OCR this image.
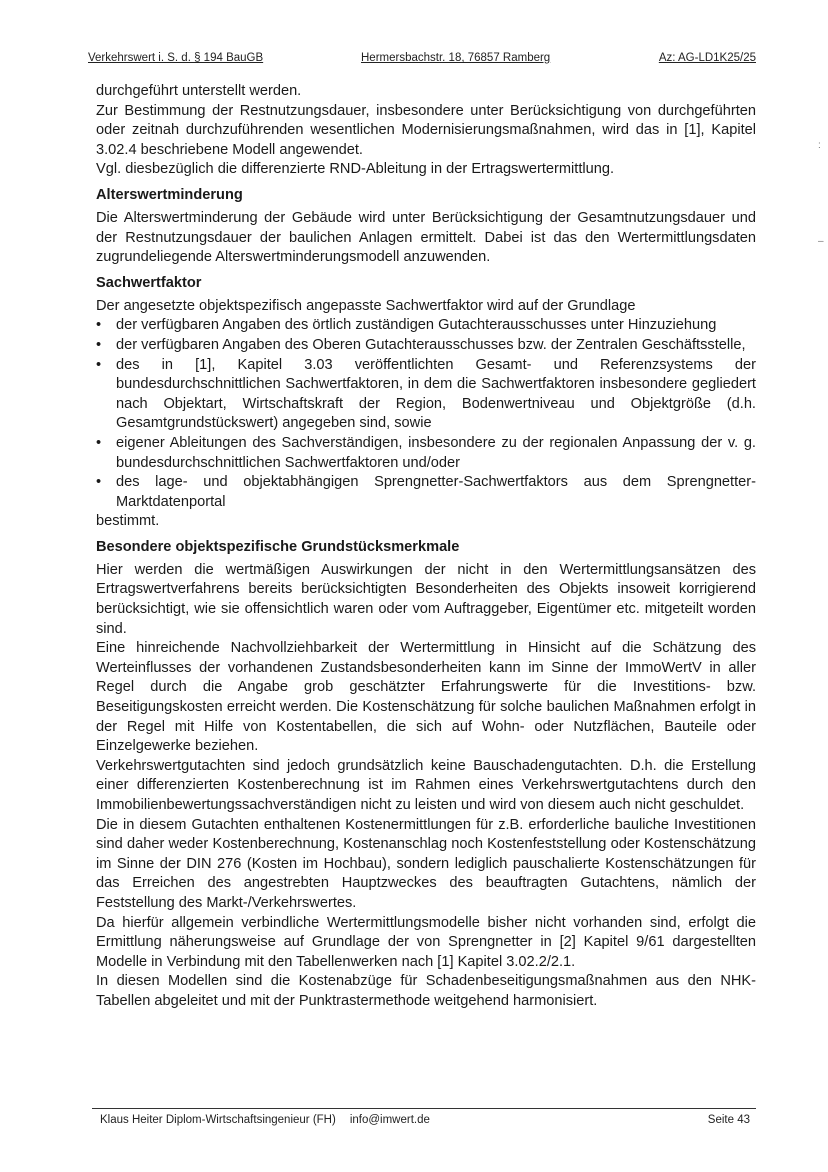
Verkehrswert i. S. d. § 194 BauGB	Hermersbachstr. 18, 76857 Ramberg	Az: AG-LD1K25/25
:
–

durchgeführt unterstellt werden.

Zur Bestimmung der Restnutzungsdauer, insbesondere unter Berücksichtigung von durchgeführten oder zeitnah durchzuführenden wesentlichen Modernisierungsmaßnahmen, wird das in [1], Kapitel 3.02.4 beschriebene Modell angewendet.

Vgl. diesbezüglich die differenzierte RND-Ableitung in der Ertragswertermittlung.

Alterswertminderung

Die Alterswertminderung der Gebäude wird unter Berücksichtigung der Gesamtnutzungsdauer und der Restnutzungsdauer der baulichen Anlagen ermittelt. Dabei ist das den Wertermittlungsdaten zugrundeliegende Alterswertminderungsmodell anzuwenden.

Sachwertfaktor

Der angesetzte objektspezifisch angepasste Sachwertfaktor wird auf der Grundlage

•	der verfügbaren Angaben des örtlich zuständigen Gutachterausschusses unter Hinzuziehung
•	der verfügbaren Angaben des Oberen Gutachterausschusses bzw. der Zentralen Geschäftsstelle,
•	des in [1], Kapitel 3.03 veröffentlichten Gesamt- und Referenzsystems der bundesdurchschnittlichen Sachwertfaktoren, in dem die Sachwertfaktoren insbesondere gegliedert nach Objektart, Wirtschaftskraft der Region, Bodenwertniveau und Objektgröße (d.h. Gesamtgrundstückswert) angegeben sind, sowie
•	eigener Ableitungen des Sachverständigen, insbesondere zu der regionalen Anpassung der v. g. bundesdurchschnittlichen Sachwertfaktoren und/oder
•	des lage- und objektabhängigen Sprengnetter-Sachwertfaktors aus dem Sprengnetter-Marktdatenportal

bestimmt.

Besondere objektspezifische Grundstücksmerkmale

Hier werden die wertmäßigen Auswirkungen der nicht in den Wertermittlungsansätzen des Ertragswertverfahrens bereits berücksichtigten Besonderheiten des Objekts insoweit korrigierend berücksichtigt, wie sie offensichtlich waren oder vom Auftraggeber, Eigentümer etc. mitgeteilt worden sind.

Eine hinreichende Nachvollziehbarkeit der Wertermittlung in Hinsicht auf die Schätzung des Werteinflusses der vorhandenen Zustandsbesonderheiten kann im Sinne der ImmoWertV in aller Regel durch die Angabe grob geschätzter Erfahrungswerte für die Investitions- bzw. Beseitigungskosten erreicht werden. Die Kostenschätzung für solche baulichen Maßnahmen erfolgt in der Regel mit Hilfe von Kostentabellen, die sich auf Wohn- oder Nutzflächen, Bauteile oder Einzelgewerke beziehen.

Verkehrswertgutachten sind jedoch grundsätzlich keine Bauschadengutachten. D.h. die Erstellung einer differenzierten Kostenberechnung ist im Rahmen eines Verkehrswertgutachtens durch den Immobilienbewertungssachverständigen nicht zu leisten und wird von diesem auch nicht geschuldet.

Die in diesem Gutachten enthaltenen Kostenermittlungen für z.B. erforderliche bauliche Investitionen sind daher weder Kostenberechnung, Kostenanschlag noch Kostenfeststellung oder Kostenschätzung im Sinne der DIN 276 (Kosten im Hochbau), sondern lediglich pauschalierte Kostenschätzungen für das Erreichen des angestrebten Hauptzweckes des beauftragten Gutachtens, nämlich der Feststellung des Markt-/Verkehrswertes.

Da hierfür allgemein verbindliche Wertermittlungsmodelle bisher nicht vorhanden sind, erfolgt die Ermittlung näherungsweise auf Grundlage der von Sprengnetter in [2] Kapitel 9/61 dargestellten Modelle in Verbindung mit den Tabellenwerken nach [1] Kapitel 3.02.2/2.1.

In diesen Modellen sind die Kostenabzüge für Schadenbeseitigungsmaßnahmen aus den NHK-Tabellen abgeleitet und mit der Punktrastermethode weitgehend harmonisiert.

Klaus Heiter Diplom-Wirtschaftsingenieur (FH) info@imwert.de	Seite 43
